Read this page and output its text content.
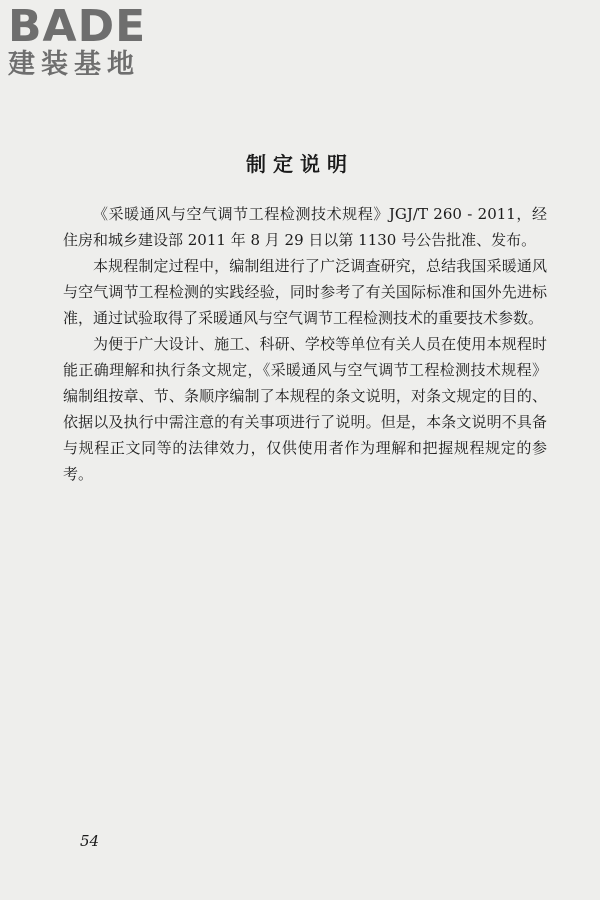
BADE
建装基地
制定说明

《采暖通风与空气调节工程检测技术规程》JGJ/T 260 - 2011，经住房和城乡建设部 2011 年 8 月 29 日以第 1130 号公告批准、发布。

本规程制定过程中，编制组进行了广泛调查研究，总结我国采暖通风与空气调节工程检测的实践经验，同时参考了有关国际标准和国外先进标准，通过试验取得了采暖通风与空气调节工程检测技术的重要技术参数。

为便于广大设计、施工、科研、学校等单位有关人员在使用本规程时能正确理解和执行条文规定，《采暖通风与空气调节工程检测技术规程》编制组按章、节、条顺序编制了本规程的条文说明，对条文规定的目的、依据以及执行中需注意的有关事项进行了说明。但是，本条文说明不具备与规程正文同等的法律效力，仅供使用者作为理解和把握规程规定的参考。

54
